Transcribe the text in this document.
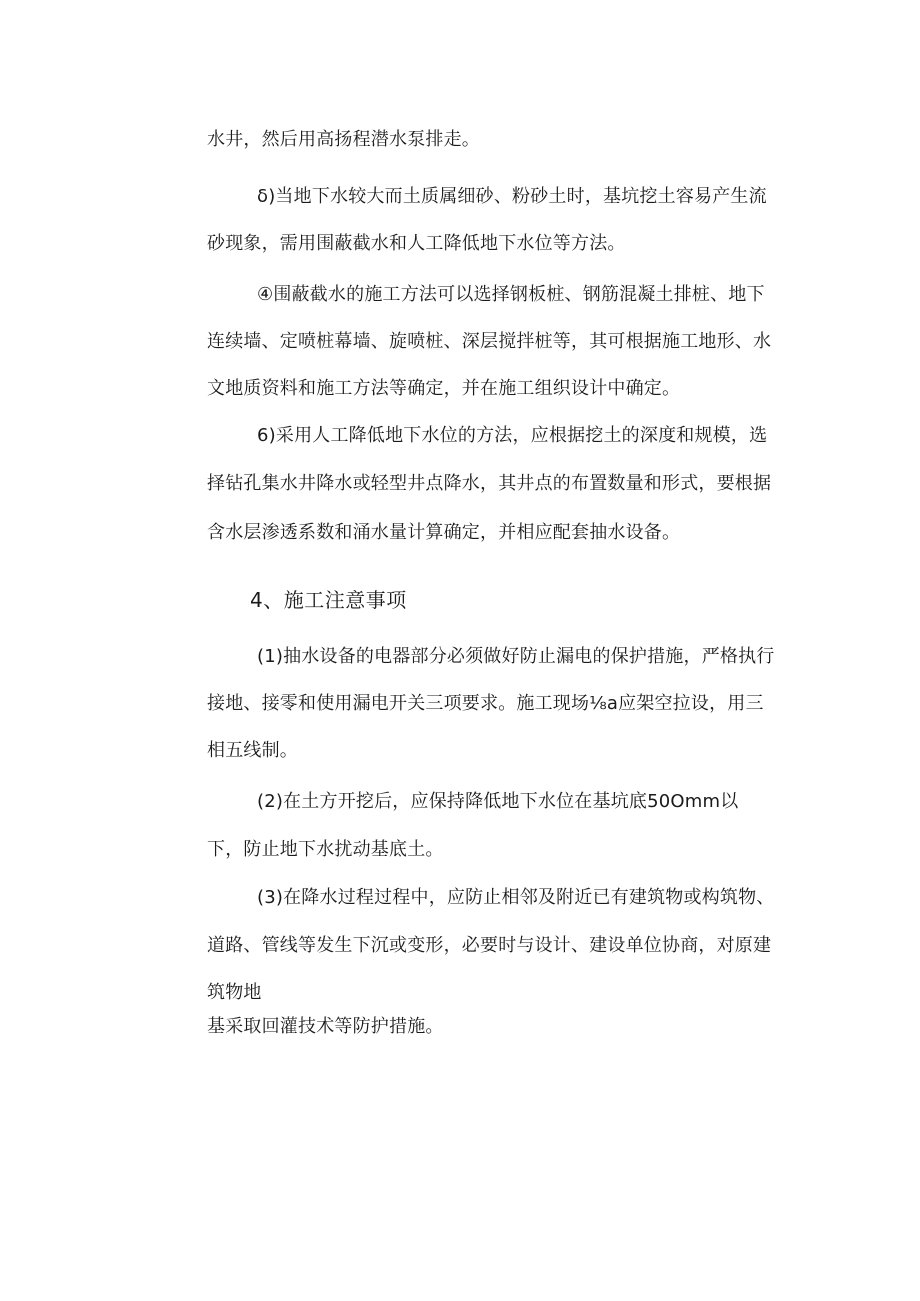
水井，然后用高扬程潜水泵排走。
δ)当地下水较大而土质属细砂、粉砂土时，基坑挖土容易产生流
砂现象，需用围蔽截水和人工降低地下水位等方法。
④围蔽截水的施工方法可以选择钢板桩、钢筋混凝土排桩、地下
连续墙、定喷桩幕墙、旋喷桩、深层搅拌桩等，其可根据施工地形、水
文地质资料和施工方法等确定，并在施工组织设计中确定。
6)采用人工降低地下水位的方法，应根据挖土的深度和规模，选
择钻孔集水井降水或轻型井点降水，其井点的布置数量和形式，要根据
含水层渗透系数和涌水量计算确定，并相应配套抽水设备。
4、施工注意事项
(1)抽水设备的电器部分必须做好防止漏电的保护措施，严格执行
接地、接零和使用漏电开关三项要求。施工现场⅛a应架空拉设，用三
相五线制。
(2)在土方开挖后，应保持降低地下水位在基坑底50Omm以
下，防止地下水扰动基底土。
(3)在降水过程过程中，应防止相邻及附近已有建筑物或构筑物、
道路、管线等发生下沉或变形，必要时与设计、建设单位协商，对原建
筑物地
基采取回灌技术等防护措施。
